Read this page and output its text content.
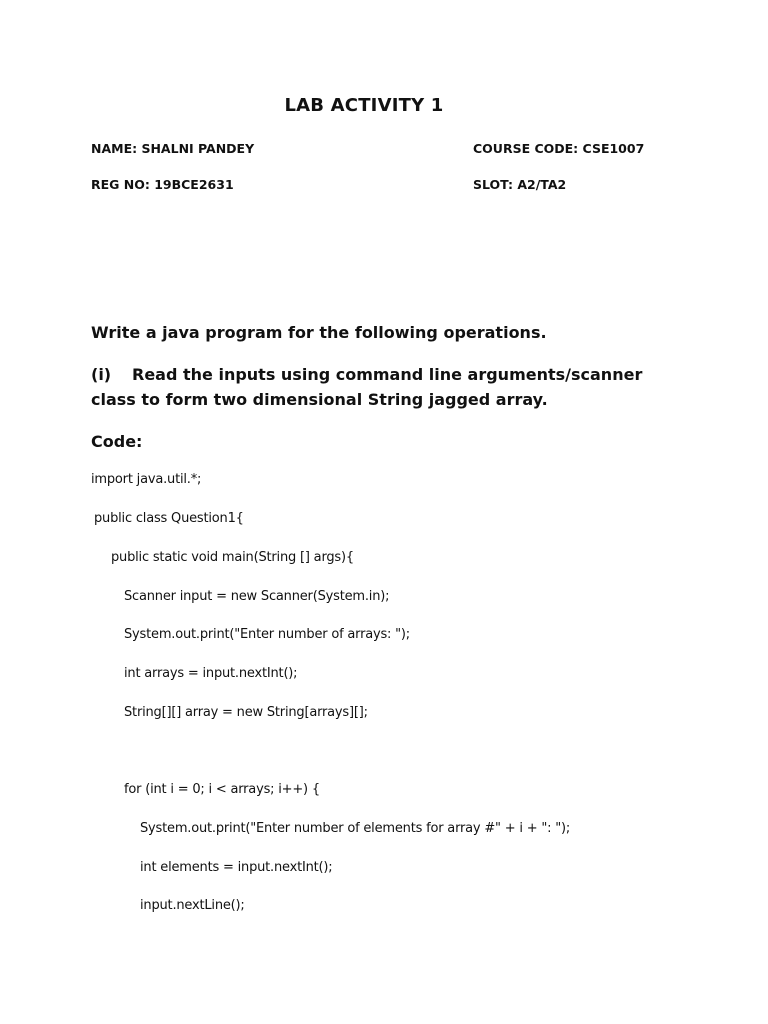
LAB ACTIVITY 1
NAME: SHALNI PANDEY	COURSE CODE: CSE1007
REG NO: 19BCE2631	SLOT: A2/TA2
Write a java program for the following operations.
(i) Read the inputs using command line arguments/scanner class to form two dimensional String jagged array.
Code:
import java.util.*;
public class Question1{
public static void main(String [] args){
Scanner input = new Scanner(System.in);
System.out.print("Enter number of arrays: ");
int arrays = input.nextInt();
String[][] array = new String[arrays][];
for (int i = 0; i < arrays; i++) {
System.out.print("Enter number of elements for array #" + i + ": ");
int elements = input.nextInt();
input.nextLine();
